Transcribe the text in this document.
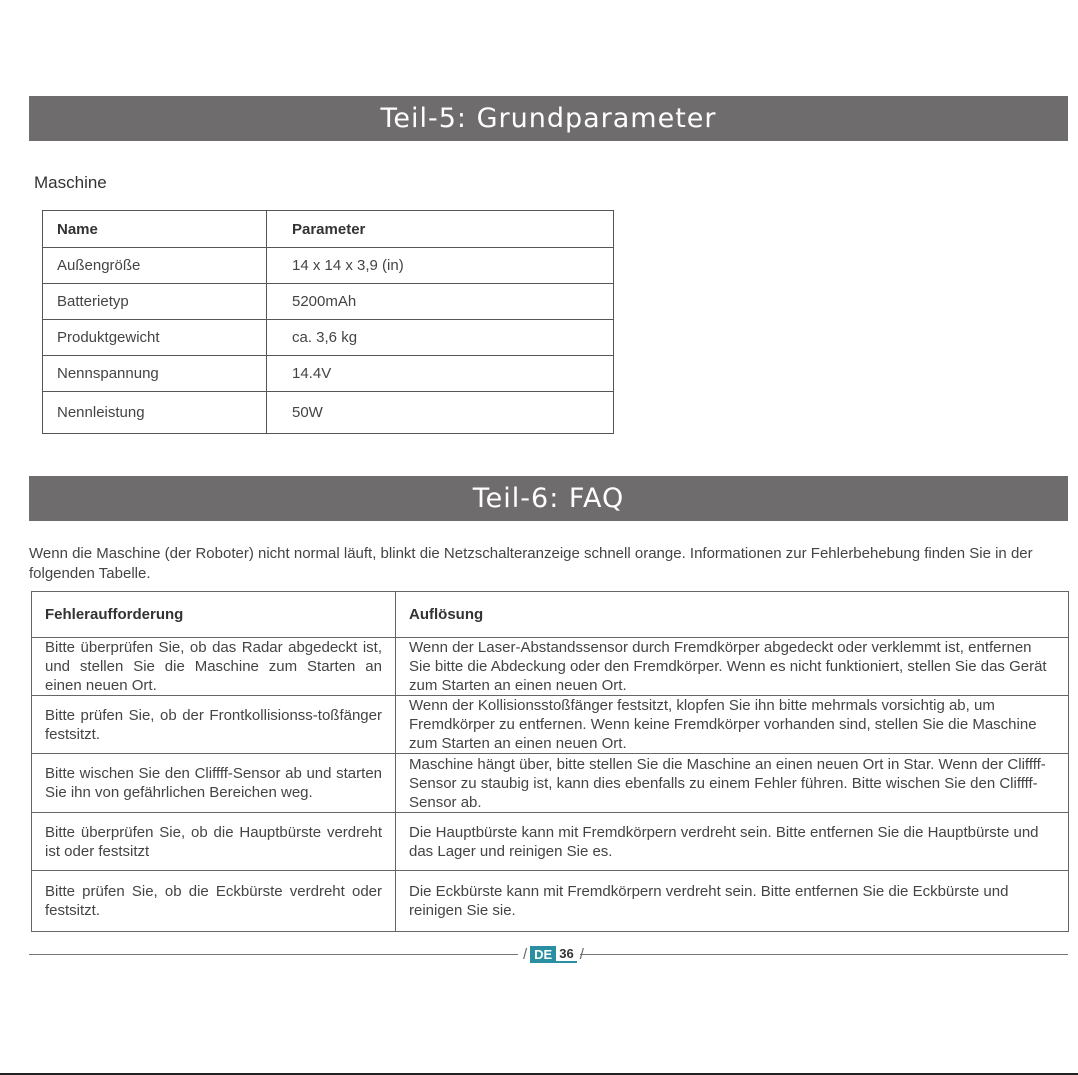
Teil-5: Grundparameter
Maschine
Name	Parameter
Außengröße	14 x 14 x 3,9 (in)
Batterietyp	5200mAh
Produktgewicht	ca. 3,6 kg
Nennspannung	14.4V
Nennleistung	50W
Teil-6: FAQ
Wenn die Maschine (der Roboter) nicht normal läuft, blinkt die Netzschalteranzeige schnell orange. Informationen zur Fehlerbehebung finden Sie in der folgenden Tabelle.
Fehleraufforderung	Auflösung
Bitte überprüfen Sie, ob das Radar abgedeckt ist, und stellen Sie die Maschine zum Starten an einen neuen Ort.	Wenn der Laser-Abstandssensor durch Fremdkörper abgedeckt oder verklemmt ist, entfernen Sie bitte die Abdeckung oder den Fremdkörper. Wenn es nicht funktioniert, stellen Sie das Gerät zum Starten an einen neuen Ort.
Bitte prüfen Sie, ob der Frontkollisionss-toßfänger festsitzt.	Wenn der Kollisionsstoßfänger festsitzt, klopfen Sie ihn bitte mehrmals vorsichtig ab, um Fremdkörper zu entfernen. Wenn keine Fremdkörper vorhanden sind, stellen Sie die Maschine zum Starten an einen neuen Ort.
Bitte wischen Sie den Cliffff-Sensor ab und starten Sie ihn von gefährlichen Bereichen weg.	Maschine hängt über, bitte stellen Sie die Maschine an einen neuen Ort in Star. Wenn der Cliffff-Sensor zu staubig ist, kann dies ebenfalls zu einem Fehler führen. Bitte wischen Sie den Cliffff-Sensor ab.
Bitte überprüfen Sie, ob die Hauptbürste verdreht ist oder festsitzt	Die Hauptbürste kann mit Fremdkörpern verdreht sein. Bitte entfernen Sie die Hauptbürste und das Lager und reinigen Sie es.
Bitte prüfen Sie, ob die Eckbürste verdreht oder festsitzt.	Die Eckbürste kann mit Fremdkörpern verdreht sein. Bitte entfernen Sie die Eckbürste und reinigen Sie sie.
/ DE 36 /
